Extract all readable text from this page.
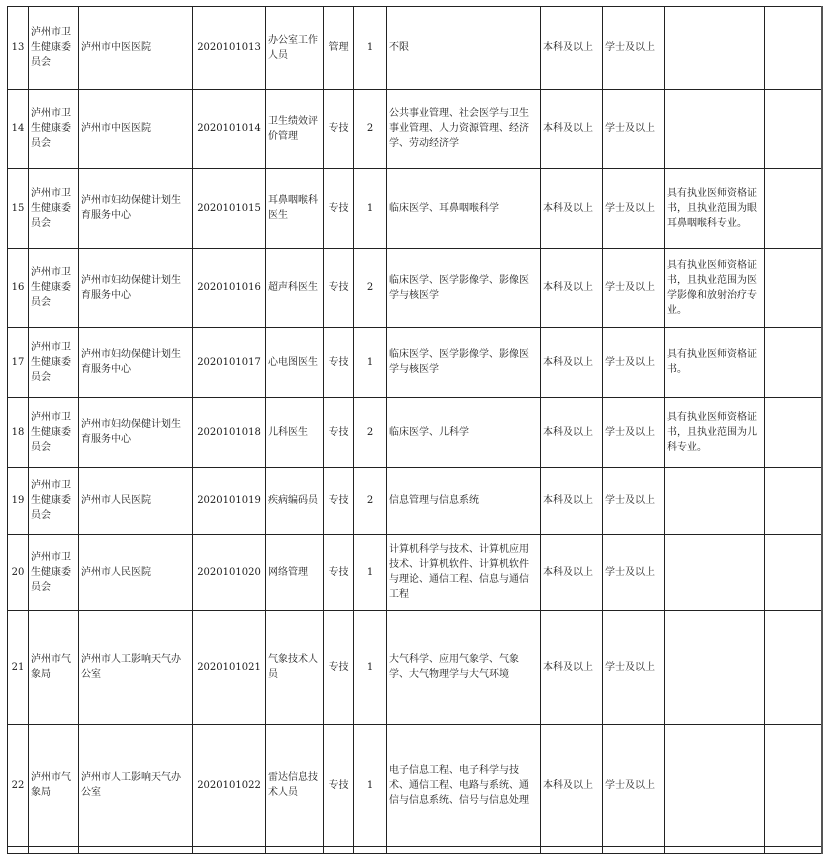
13	泸州市卫生健康委员会	泸州市中医医院	2020101013	办公室工作人员	管理	1	不限	本科及以上	学士及以上		
14	泸州市卫生健康委员会	泸州市中医医院	2020101014	卫生绩效评价管理	专技	2	公共事业管理、社会医学与卫生事业管理、人力资源管理、经济学、劳动经济学	本科及以上	学士及以上		
15	泸州市卫生健康委员会	泸州市妇幼保健计划生育服务中心	2020101015	耳鼻咽喉科医生	专技	1	临床医学、耳鼻咽喉科学	本科及以上	学士及以上	具有执业医师资格证书，且执业范围为眼耳鼻咽喉科专业。	
16	泸州市卫生健康委员会	泸州市妇幼保健计划生育服务中心	2020101016	超声科医生	专技	2	临床医学、医学影像学、影像医学与核医学	本科及以上	学士及以上	具有执业医师资格证书，且执业范围为医学影像和放射治疗专业。	
17	泸州市卫生健康委员会	泸州市妇幼保健计划生育服务中心	2020101017	心电图医生	专技	1	临床医学、医学影像学、影像医学与核医学	本科及以上	学士及以上	具有执业医师资格证书。	
18	泸州市卫生健康委员会	泸州市妇幼保健计划生育服务中心	2020101018	儿科医生	专技	2	临床医学、儿科学	本科及以上	学士及以上	具有执业医师资格证书，且执业范围为儿科专业。	
19	泸州市卫生健康委员会	泸州市人民医院	2020101019	疾病编码员	专技	2	信息管理与信息系统	本科及以上	学士及以上		
20	泸州市卫生健康委员会	泸州市人民医院	2020101020	网络管理	专技	1	计算机科学与技术、计算机应用技术、计算机软件、计算机软件与理论、通信工程、信息与通信工程	本科及以上	学士及以上		
21	泸州市气象局	泸州市人工影响天气办公室	2020101021	气象技术人员	专技	1	大气科学、应用气象学、气象学、大气物理学与大气环境	本科及以上	学士及以上		
22	泸州市气象局	泸州市人工影响天气办公室	2020101022	雷达信息技术人员	专技	1	电子信息工程、电子科学与技术、通信工程、电路与系统、通信与信息系统、信号与信息处理	本科及以上	学士及以上		
